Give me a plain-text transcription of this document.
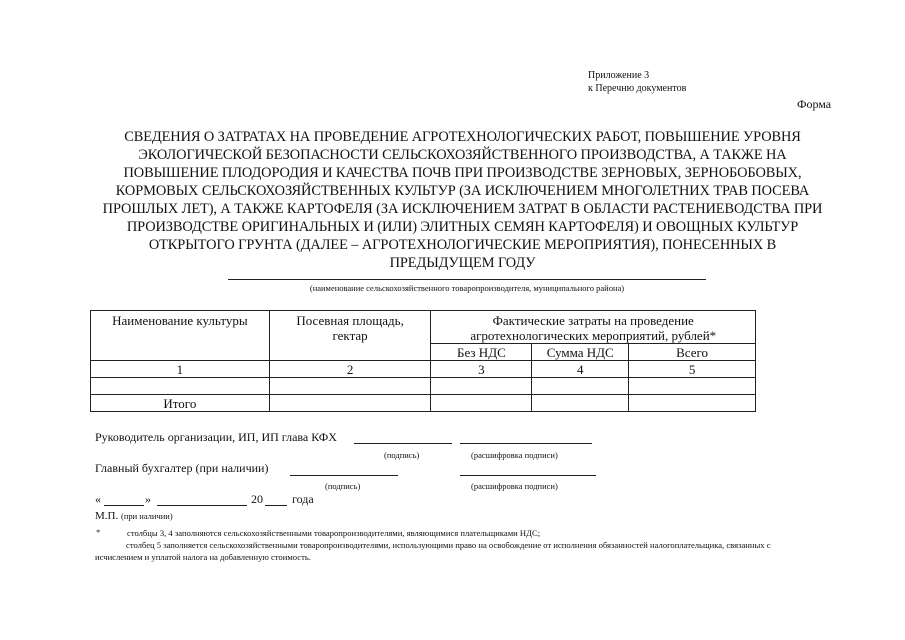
Приложение 3
к Перечню документов
Форма
СВЕДЕНИЯ О ЗАТРАТАХ НА ПРОВЕДЕНИЕ АГРОТЕХНОЛОГИЧЕСКИХ РАБОТ, ПОВЫШЕНИЕ УРОВНЯ ЭКОЛОГИЧЕСКОЙ БЕЗОПАСНОСТИ СЕЛЬСКОХОЗЯЙСТВЕННОГО ПРОИЗВОДСТВА, А ТАКЖЕ НА ПОВЫШЕНИЕ ПЛОДОРОДИЯ И КАЧЕСТВА ПОЧВ ПРИ ПРОИЗВОДСТВЕ ЗЕРНОВЫХ, ЗЕРНОБОБОВЫХ, КОРМОВЫХ СЕЛЬСКОХОЗЯЙСТВЕННЫХ КУЛЬТУР (ЗА ИСКЛЮЧЕНИЕМ МНОГОЛЕТНИХ ТРАВ ПОСЕВА ПРОШЛЫХ ЛЕТ), А ТАКЖЕ КАРТОФЕЛЯ (ЗА ИСКЛЮЧЕНИЕМ ЗАТРАТ В ОБЛАСТИ РАСТЕНИЕВОДСТВА ПРИ ПРОИЗВОДСТВЕ ОРИГИНАЛЬНЫХ И (ИЛИ) ЭЛИТНЫХ СЕМЯН КАРТОФЕЛЯ) И ОВОЩНЫХ КУЛЬТУР ОТКРЫТОГО ГРУНТА (ДАЛЕЕ – АГРОТЕХНОЛОГИЧЕСКИЕ МЕРОПРИЯТИЯ), ПОНЕСЕННЫХ В ПРЕДЫДУЩЕМ ГОДУ
(наименование сельскохозяйственного товаропроизводителя, муниципального района)
Наименование культуры	Посевная площадь, гектар	Фактические затраты на проведение агротехнологических мероприятий, рублей*		
		Без НДС	Сумма НДС	Всего
1	2	3	4	5

Итого				
Руководитель организации, ИП, ИП глава КФХ
(подпись)	(расшифровка подписи)
Главный бухгалтер (при наличии)
(подпись)	(расшифровка подписи)
«	»	20 года
М.П. (при наличии)
*	столбцы 3, 4 заполняются сельскохозяйственными товаропроизводителями, являющимися плательщиками НДС;
столбец 5 заполняется сельскохозяйственными товаропроизводителями, использующими право на освобождение от исполнения обязанностей налогоплательщика, связанных с исчислением и уплатой налога на добавленную стоимость.
